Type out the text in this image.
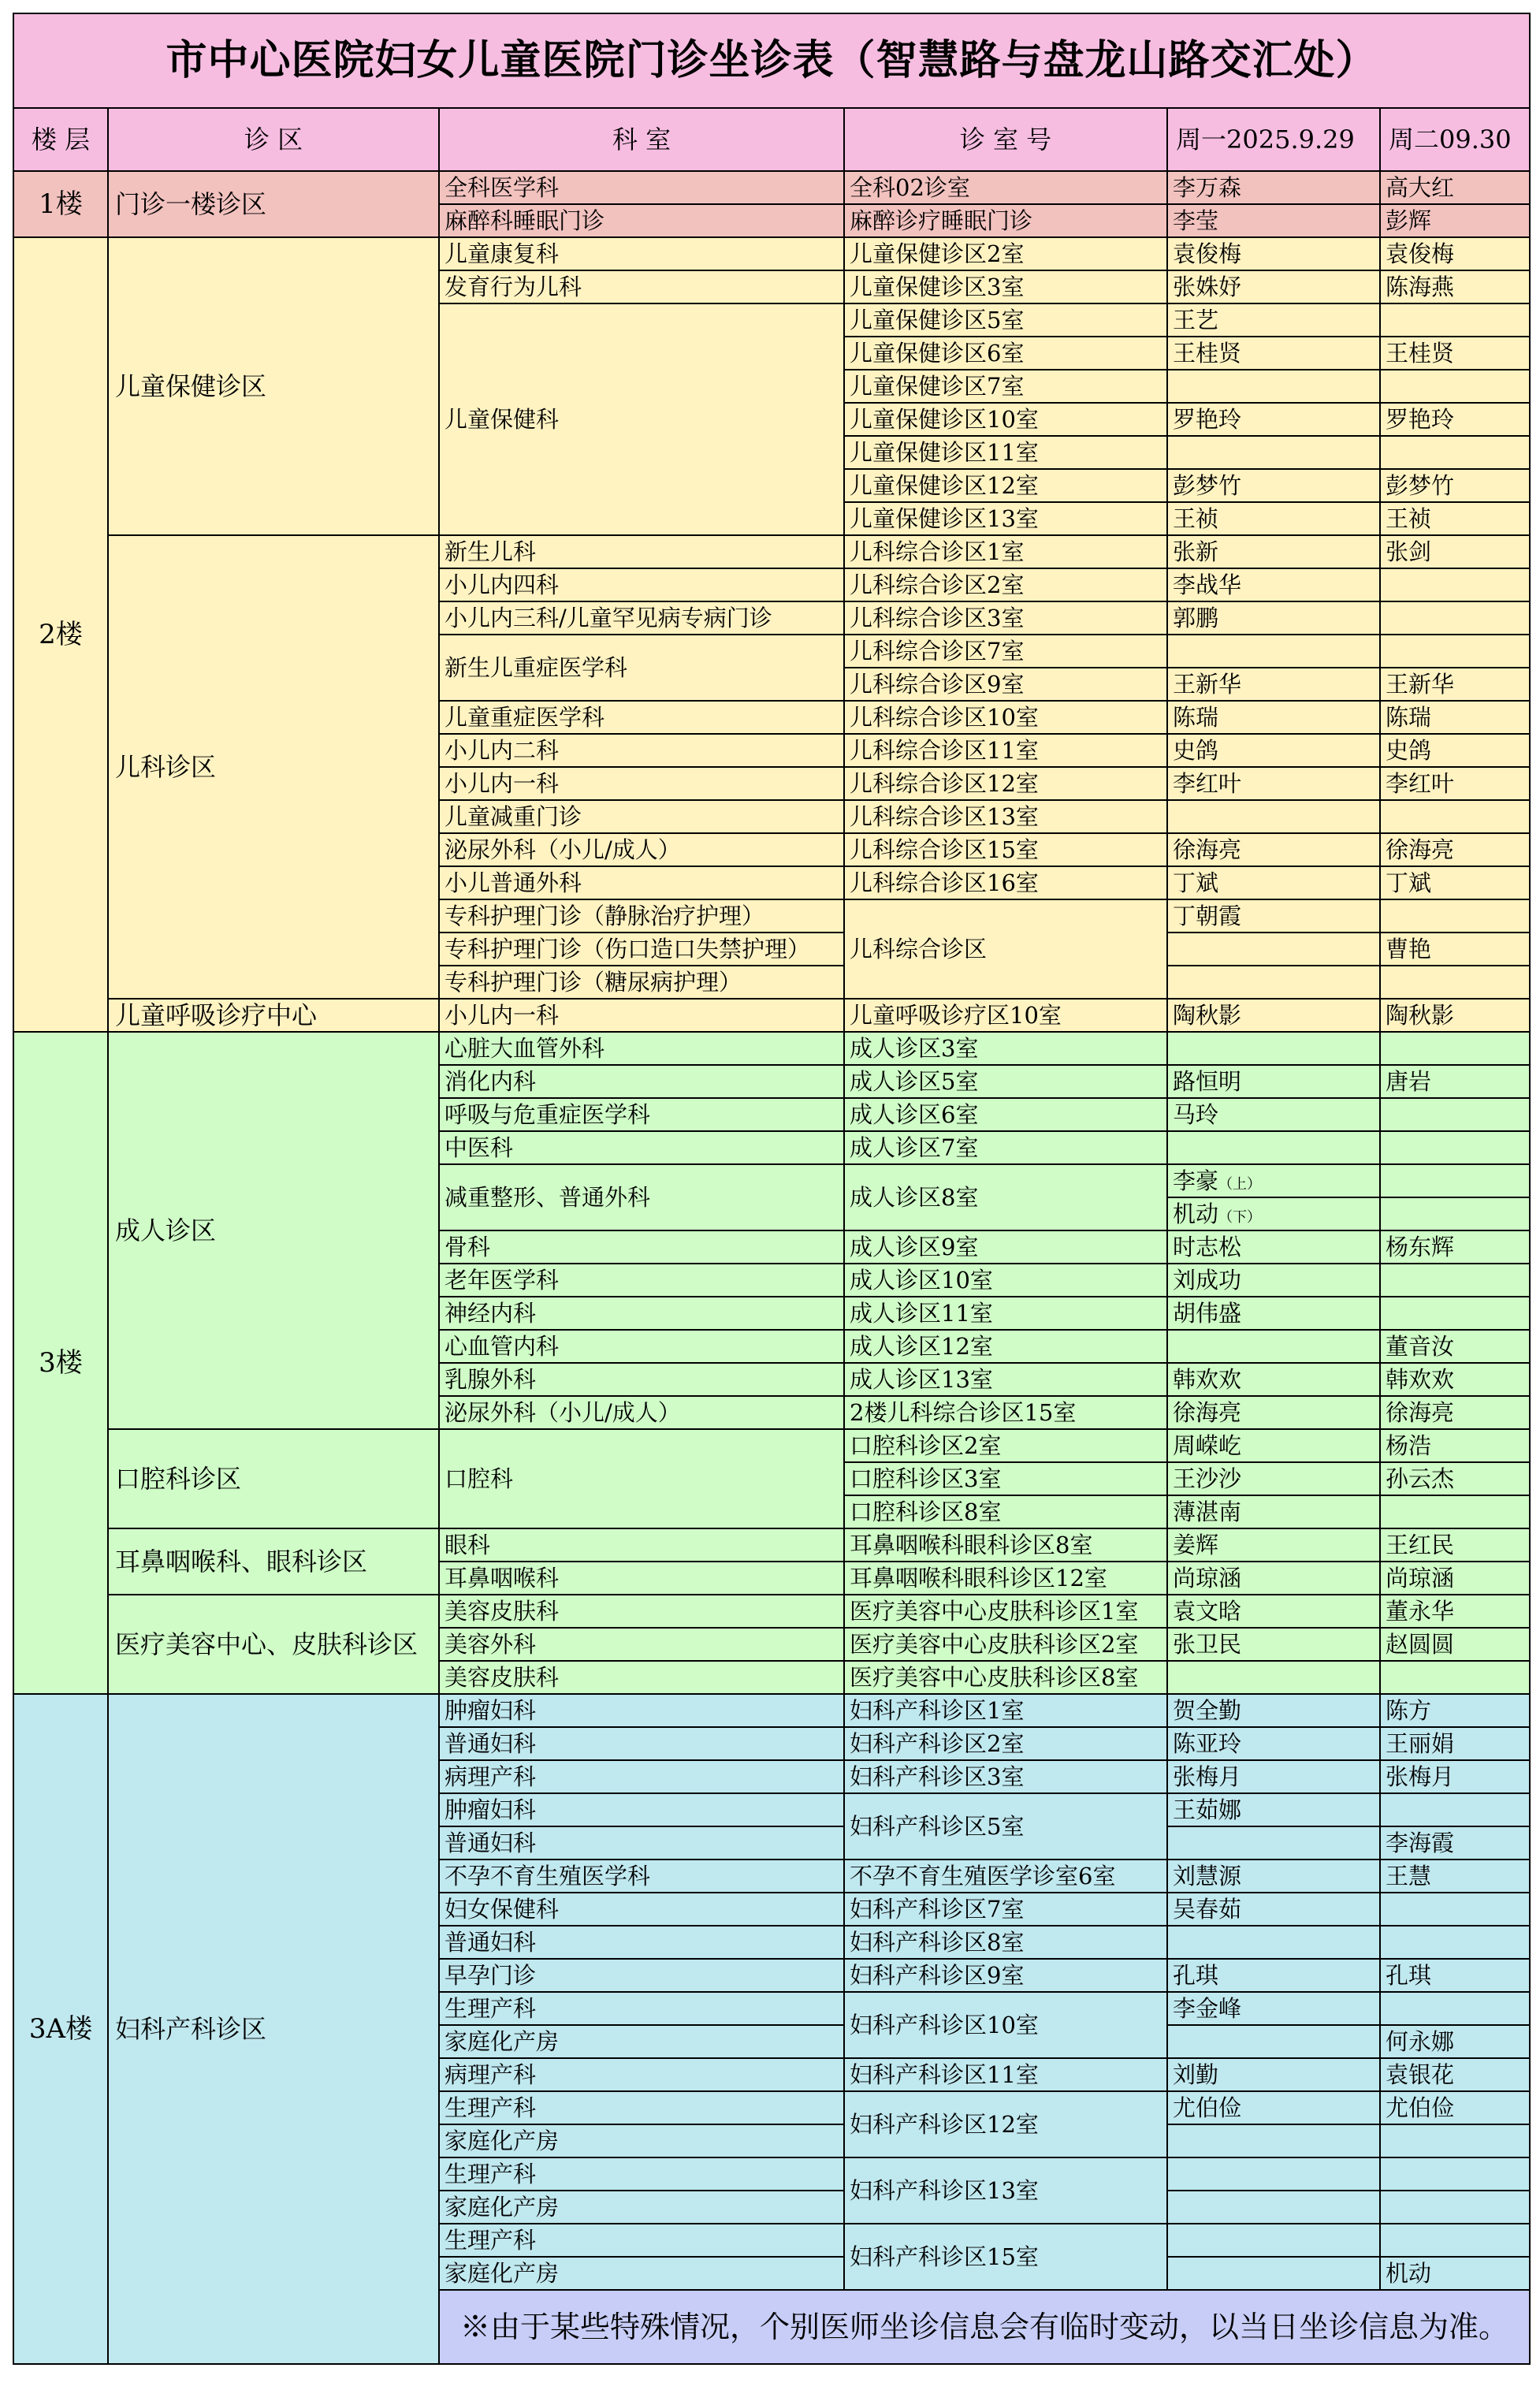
市中心医院妇女儿童医院门诊坐诊表（智慧路与盘龙山路交汇处）					
楼 层	诊 区	科 室	诊 室 号	周一2025.9.29	周二09.30
1楼	门诊一楼诊区	全科医学科	全科02诊室	李万森	高大红
		麻醉科睡眠门诊	麻醉诊疗睡眠门诊	李莹	彭辉
2楼	儿童保健诊区	儿童康复科	儿童保健诊区2室	袁俊梅	袁俊梅
		发育行为儿科	儿童保健诊区3室	张姝妤	陈海燕
		儿童保健科	儿童保健诊区5室	王艺	
			儿童保健诊区6室	王桂贤	王桂贤
			儿童保健诊区7室		
			儿童保健诊区10室	罗艳玲	罗艳玲
			儿童保健诊区11室		
			儿童保健诊区12室	彭梦竹	彭梦竹
			儿童保健诊区13室	王祯	王祯
	儿科诊区	新生儿科	儿科综合诊区1室	张新	张剑
		小儿内四科	儿科综合诊区2室	李战华	
		小儿内三科/儿童罕见病专病门诊	儿科综合诊区3室	郭鹏	
		新生儿重症医学科	儿科综合诊区7室		
			儿科综合诊区9室	王新华	王新华
		儿童重症医学科	儿科综合诊区10室	陈瑞	陈瑞
		小儿内二科	儿科综合诊区11室	史鸽	史鸽
		小儿内一科	儿科综合诊区12室	李红叶	李红叶
		儿童减重门诊	儿科综合诊区13室		
		泌尿外科（小儿/成人）	儿科综合诊区15室	徐海亮	徐海亮
		小儿普通外科	儿科综合诊区16室	丁斌	丁斌
		专科护理门诊（静脉治疗护理）	儿科综合诊区	丁朝霞	
		专科护理门诊（伤口造口失禁护理）			曹艳
		专科护理门诊（糖尿病护理）			
	儿童呼吸诊疗中心	小儿内一科	儿童呼吸诊疗区10室	陶秋影	陶秋影
3楼	成人诊区	心脏大血管外科	成人诊区3室		
		消化内科	成人诊区5室	路恒明	唐岩
		呼吸与危重症医学科	成人诊区6室	马玲	
		中医科	成人诊区7室		
		减重整形、普通外科	成人诊区8室	李豪（上）	
				机动（下）	
		骨科	成人诊区9室	时志松	杨东辉
		老年医学科	成人诊区10室	刘成功	
		神经内科	成人诊区11室	胡伟盛	
		心血管内科	成人诊区12室		董音汝
		乳腺外科	成人诊区13室	韩欢欢	韩欢欢
		泌尿外科（小儿/成人）	2楼儿科综合诊区15室	徐海亮	徐海亮
	口腔科诊区	口腔科	口腔科诊区2室	周嵘屹	杨浩
			口腔科诊区3室	王沙沙	孙云杰
			口腔科诊区8室	薄湛南	
	耳鼻咽喉科、眼科诊区	眼科	耳鼻咽喉科眼科诊区8室	姜辉	王红民
		耳鼻咽喉科	耳鼻咽喉科眼科诊区12室	尚琼涵	尚琼涵
	医疗美容中心、皮肤科诊区	美容皮肤科	医疗美容中心皮肤科诊区1室	袁文晗	董永华
		美容外科	医疗美容中心皮肤科诊区2室	张卫民	赵圆圆
		美容皮肤科	医疗美容中心皮肤科诊区8室		
3A楼	妇科产科诊区	肿瘤妇科	妇科产科诊区1室	贺全勤	陈方
		普通妇科	妇科产科诊区2室	陈亚玲	王丽娟
		病理产科	妇科产科诊区3室	张梅月	张梅月
		肿瘤妇科	妇科产科诊区5室	王茹娜	
		普通妇科			李海霞
		不孕不育生殖医学科	不孕不育生殖医学诊室6室	刘慧源	王慧
		妇女保健科	妇科产科诊区7室	吴春茹	
		普通妇科	妇科产科诊区8室		
		早孕门诊	妇科产科诊区9室	孔琪	孔琪
		生理产科	妇科产科诊区10室	李金峰	
		家庭化产房			何永娜
		病理产科	妇科产科诊区11室	刘勤	袁银花
		生理产科	妇科产科诊区12室	尤伯俭	尤伯俭
		家庭化产房			
		生理产科	妇科产科诊区13室		
		家庭化产房			
		生理产科	妇科产科诊区15室		
		家庭化产房			机动
		※由于某些特殊情况，个别医师坐诊信息会有临时变动，以当日坐诊信息为准。			
